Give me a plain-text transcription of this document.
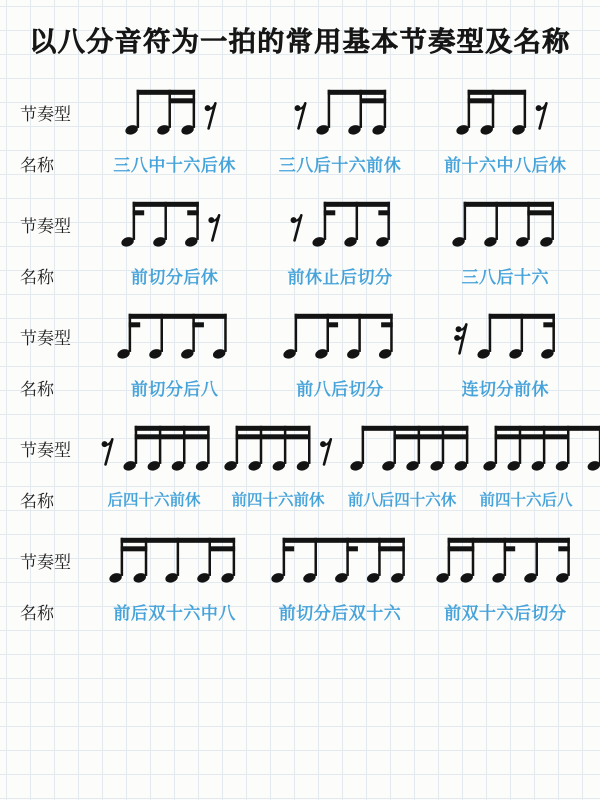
以八分音符为一拍的常用基本节奏型及名称
节奏型
名称	三八中十六后休	三八后十六前休	前十六中八后休
节奏型
名称	前切分后休	前休止后切分	三八后十六
节奏型
名称	前切分后八	前八后切分	连切分前休
节奏型
名称	后四十六前休	前四十六前休	前八后四十六休	前四十六后八
节奏型
名称	前后双十六中八	前切分后双十六	前双十六后切分
